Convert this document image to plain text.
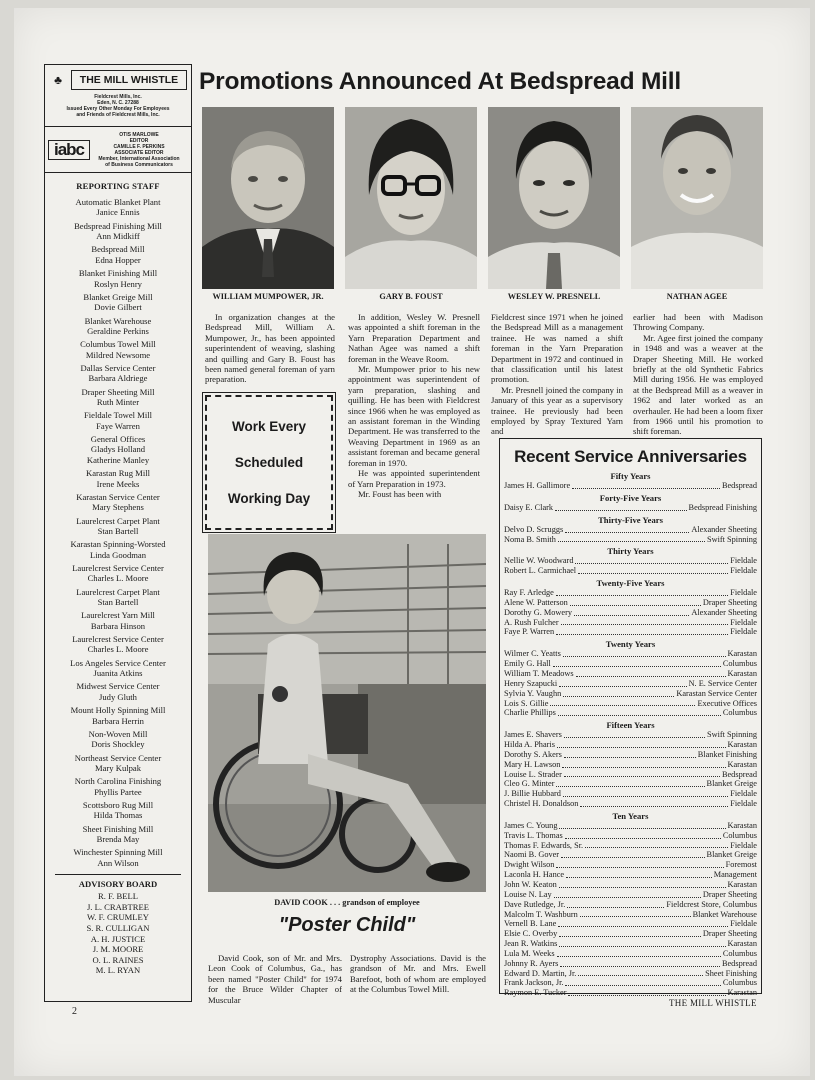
♣	THE MILL WHISTLE
Fieldcrest Mills, Inc.
Eden, N. C. 27288
Issued Every Other Monday For Employees
and Friends of Fieldcrest Mills, Inc.
iabc
OTIS MARLOWE
EDITOR
CAMILLE F. PERKINS
ASSOCIATE EDITOR
Member, International Association
of Business Communicators
REPORTING STAFF
Automatic Blanket Plant
Janice Ennis
Bedspread Finishing Mill
Ann Midkiff
Bedspread Mill
Edna Hopper
Blanket Finishing Mill
Roslyn Henry
Blanket Greige Mill
Dovie Gilbert
Blanket Warehouse
Geraldine Perkins
Columbus Towel Mill
Mildred Newsome
Dallas Service Center
Barbara Aldriege
Draper Sheeting Mill
Ruth Minter
Fieldale Towel Mill
Faye Warren
General Offices
Gladys Holland
Katherine Manley
Karastan Rug Mill
Irene Meeks
Karastan Service Center
Mary Stephens
Laurelcrest Carpet Plant
Stan Bartell
Karastan Spinning-Worsted
Linda Goodman
Laurelcrest Service Center
Charles L. Moore
Laurelcrest Carpet Plant
Stan Bartell
Laurelcrest Yarn Mill
Barbara Hinson
Laurelcrest Service Center
Charles L. Moore
Los Angeles Service Center
Juanita Atkins
Midwest Service Center
Judy Gluth
Mount Holly Spinning Mill
Barbara Herrin
Non-Woven Mill
Doris Shockley
Northeast Service Center
Mary Kulpak
North Carolina Finishing
Phyllis Partee
Scottsboro Rug Mill
Hilda Thomas
Sheet Finishing Mill
Brenda May
Winchester Spinning Mill
Ann Wilson
ADVISORY BOARD
R. F. BELL
J. L. CRABTREE
W. F. CRUMLEY
S. R. CULLIGAN
A. H. JUSTICE
J. M. MOORE
O. L. RAINES
M. L. RYAN
Promotions Announced At Bedspread Mill
WILLIAM MUMPOWER, JR.	GARY B. FOUST	WESLEY W. PRESNELL	NATHAN AGEE

In organization changes at the Bedspread Mill, William A. Mumpower, Jr., has been appointed superintendent of weaving, slashing and quilling and Gary B. Foust has been named general foreman of yarn preparation.

In addition, Wesley W. Presnell was appointed a shift foreman in the Yarn Preparation Department and Nathan Agee was named a shift foreman in the Weave Room.

Mr. Mumpower prior to his new appointment was superintendent of yarn preparation, slashing and quilling. He has been with Fieldcrest since 1966 when he was employed as an assistant foreman in the Winding Department. He was transferred to the Weaving Department in 1969 as an assistant foreman and became general foreman in 1970.

He was appointed superintendent of Yarn Preparation in 1973.

Mr. Foust has been with

Fieldcrest since 1971 when he joined the Bedspread Mill as a management trainee. He was named a shift foreman in the Yarn Preparation Department in 1972 and continued in that classification until his latest promotion.

Mr. Presnell joined the company in January of this year as a supervisory trainee. He previously had been employed by Spray Textured Yarn and

earlier had been with Madison Throwing Company.

Mr. Agee first joined the company in 1948 and was a weaver at the Draper Sheeting Mill. He worked briefly at the old Synthetic Fabrics Mill during 1956. He was employed at the Bedspread Mill as a weaver in 1962 and later worked as an overhauler. He had been a loom fixer from 1966 until his promotion to shift foreman.

Work Every
Scheduled
Working Day
DAVID COOK . . . grandson of employee
"Poster Child"

David Cook, son of Mr. and Mrs. Leon Cook of Columbus, Ga., has been named "Poster Child" for 1974 for the Bruce Wilder Chapter of Muscular

Dystrophy Associations. David is the grandson of Mr. and Mrs. Ewell Barefoot, both of whom are employed at the Columbus Towel Mill.

Recent Service Anniversaries
Fifty Years
James H. Gallimore	Bedspread
Forty-Five Years
Daisy E. Clark	Bedspread Finishing
Thirty-Five Years
Delvo D. Scruggs	Alexander Sheeting
Noma B. Smith	Swift Spinning
Thirty Years
Nellie W. Woodward	Fieldale
Robert L. Carmichael	Fieldale
Twenty-Five Years
Ray F. Arledge	Fieldale
Alene W. Patterson	Draper Sheeting
Dorothy G. Mowery	Alexander Sheeting
A. Rush Fulcher	Fieldale
Faye P. Warren	Fieldale
Twenty Years
Wilmer C. Yeatts	Karastan
Emily G. Hall	Columbus
William T. Meadows	Karastan
Henry Szapucki	N. E. Service Center
Sylvia Y. Vaughn	Karastan Service Center
Lois S. Gillie	Executive Offices
Charlie Phillips	Columbus
Fifteen Years
James E. Shavers	Swift Spinning
Hilda A. Pharis	Karastan
Dorothy S. Akers	Blanket Finishing
Mary H. Lawson	Karastan
Louise L. Strader	Bedspread
Cleo G. Minter	Blanket Greige
J. Billie Hubbard	Fieldale
Christel H. Donaldson	Fieldale
Ten Years
James C. Young	Karastan
Travis L. Thomas	Columbus
Thomas F. Edwards, Sr.	Fieldale
Naomi B. Gover	Blanket Greige
Dwight Wilson	Foremost
Laconla H. Hance	Management
John W. Keaton	Karastan
Louise N. Lay	Draper Sheeting
Dave Rutledge, Jr.	Fieldcrest Store, Columbus
Malcolm T. Washburn	Blanket Warehouse
Vernell B. Lane	Fieldale
Elsie C. Overby	Draper Sheeting
Jean R. Watkins	Karastan
Lula M. Weeks	Columbus
Johnny R. Ayers	Bedspread
Edward D. Martin, Jr.	Sheet Finishing
Frank Jackson, Jr.	Columbus
Raymon E. Tucker	Karastan
THE MILL WHISTLE
2
